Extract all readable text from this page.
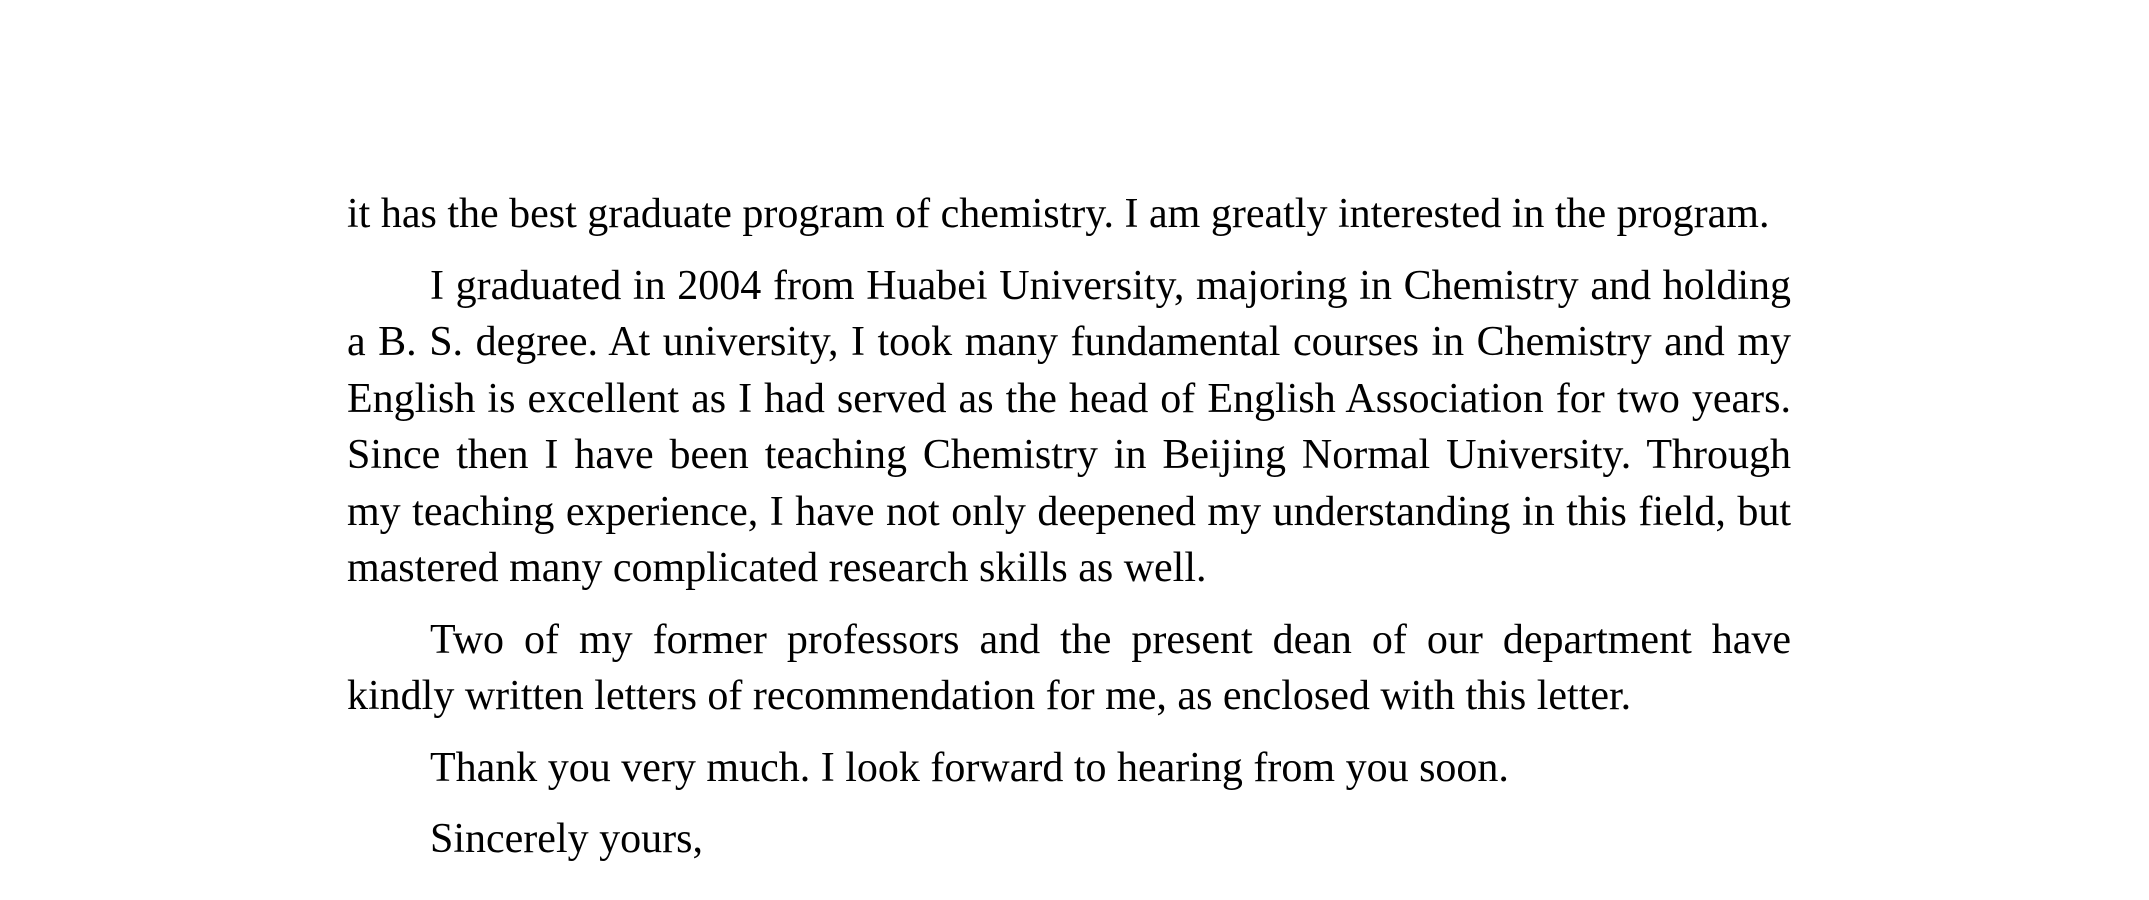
it has the best graduate program of chemistry. I am greatly interested in the program.

I graduated in 2004 from Huabei University, majoring in Chemistry and holding a B. S. degree. At university, I took many fundamental courses in Chemistry and my English is excellent as I had served as the head of English Association for two years. Since then I have been teaching Chemistry in Beijing Normal University. Through my teaching experience, I have not only deepened my understanding in this field, but mastered many complicated research skills as well.

Two of my former professors and the present dean of our department have kindly written letters of recommendation for me, as enclosed with this letter.

Thank you very much. I look forward to hearing from you soon.

Sincerely yours,
